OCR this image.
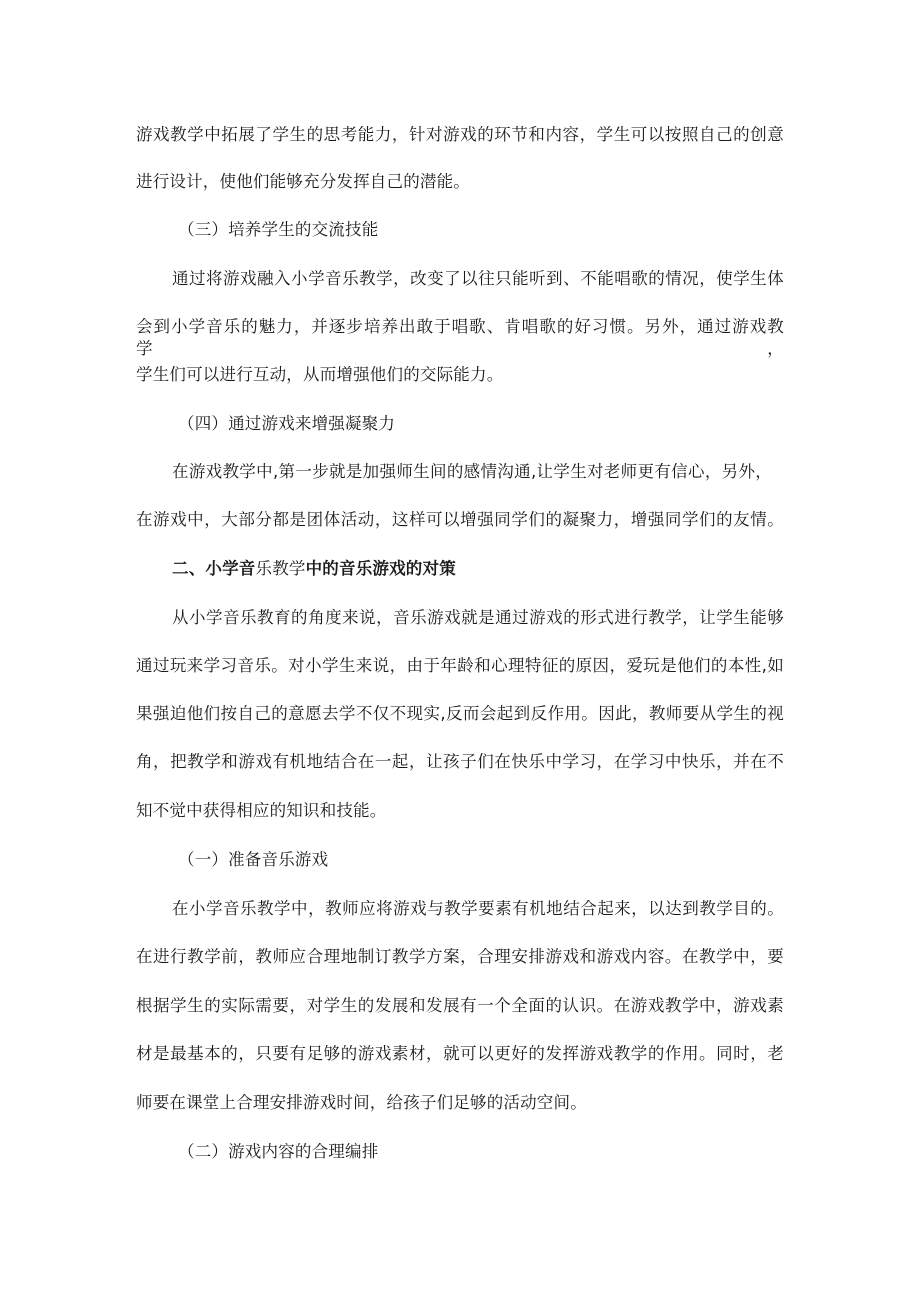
游戏教学中拓展了学生的思考能力，针对游戏的环节和内容，学生可以按照自己的创意
进行设计，使他们能够充分发挥自己的潜能。
（三）培养学生的交流技能
通过将游戏融入小学音乐教学，改变了以往只能听到、不能唱歌的情况，使学生体
会到小学音乐的魅力，并逐步培养出敢于唱歌、肯唱歌的好习惯。另外，通过游戏教学，
学生们可以进行互动，从而增强他们的交际能力。
（四）通过游戏来增强凝聚力
在游戏教学中,第一步就是加强师生间的感情沟通,让学生对老师更有信心，另外，
在游戏中，大部分都是团体活动，这样可以增强同学们的凝聚力，增强同学们的友情。
二、小学音乐教学中的音乐游戏的对策
从小学音乐教育的角度来说，音乐游戏就是通过游戏的形式进行教学，让学生能够
通过玩来学习音乐。对小学生来说，由于年龄和心理特征的原因，爱玩是他们的本性,如
果强迫他们按自己的意愿去学不仅不现实,反而会起到反作用。因此，教师要从学生的视
角，把教学和游戏有机地结合在一起，让孩子们在快乐中学习，在学习中快乐，并在不
知不觉中获得相应的知识和技能。
（一）准备音乐游戏
在小学音乐教学中，教师应将游戏与教学要素有机地结合起来，以达到教学目的。
在进行教学前，教师应合理地制订教学方案，合理安排游戏和游戏内容。在教学中，要
根据学生的实际需要，对学生的发展和发展有一个全面的认识。在游戏教学中，游戏素
材是最基本的，只要有足够的游戏素材，就可以更好的发挥游戏教学的作用。同时，老
师要在课堂上合理安排游戏时间，给孩子们足够的活动空间。
（二）游戏内容的合理编排
